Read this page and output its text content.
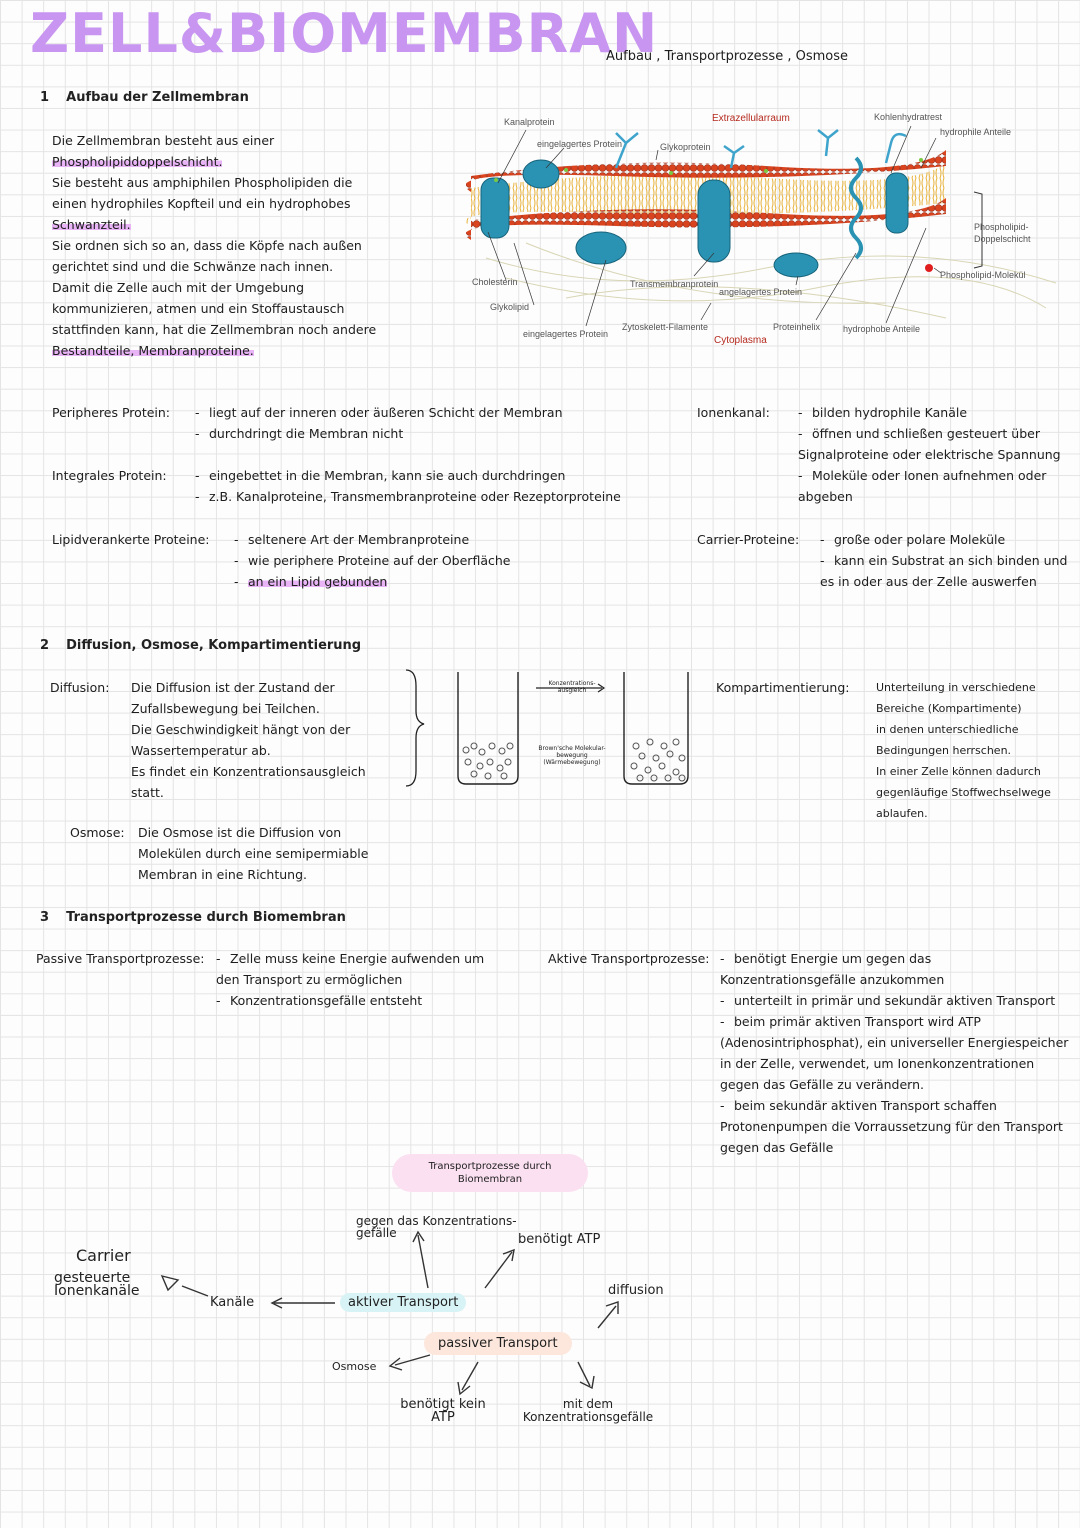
ZELL&BIOMEMBRAN
Aufbau , Transportprozesse , Osmose
1 Aufbau der Zellmembran
Die Zellmembran besteht aus einer
Phospholipiddoppelschicht.
Sie besteht aus amphiphilen Phospholipiden die
einen hydrophiles Kopfteil und ein hydrophobes
Schwanzteil.
Sie ordnen sich so an, dass die Köpfe nach außen
gerichtet sind und die Schwänze nach innen.
Damit die Zelle auch mit der Umgebung
kommunizieren, atmen und ein Stoffaustausch
stattfinden kann, hat die Zellmembran noch andere
Bestandteile, Membranproteine.
Kanalprotein
eingelagertes Protein	Glykoprotein
Extrazellularraum	Kohlenhydratrest
hydrophile Anteile
Phospholipid-
Doppelschicht
Phospholipid-Molekül
Cholesterin
Glykolipid
Transmembranprotein
angelagertes Protein
eingelagertes Protein
Zytoskelett-Filamente	Proteinhelix	hydrophobe Anteile
Cytoplasma
Peripheres Protein: - liegt auf der inneren oder äußeren Schicht der Membran
- durchdringt die Membran nicht
Integrales Protein: - eingebettet in die Membran, kann sie auch durchdringen
- z.B. Kanalproteine, Transmembranproteine oder Rezeptorproteine
Lipidverankerte Proteine: - seltenere Art der Membranproteine
- wie periphere Proteine auf der Oberfläche
- an ein Lipid gebunden
Ionenkanal: - bilden hydrophile Kanäle
- öffnen und schließen gesteuert über Signalproteine oder elektrische Spannung
- Moleküle oder Ionen aufnehmen oder abgeben
Carrier-Proteine: - große oder polare Moleküle
- kann ein Substrat an sich binden und es in oder aus der Zelle auswerfen
2 Diffusion, Osmose, Kompartimentierung
Diffusion: Die Diffusion ist der Zustand der
Zufallsbewegung bei Teilchen.
Die Geschwindigkeit hängt von der
Wassertemperatur ab.
Es findet ein Konzentrationsausgleich
statt.
Konzentrations-ausgleich
Brown'sche Molekular-bewegung (Wärmebewegung)
Osmose: Die Osmose ist die Diffusion von
Molekülen durch eine semipermiable
Membran in eine Richtung.
Kompartimentierung: Unterteilung in verschiedene
Bereiche (Kompartimente)
in denen unterschiedliche
Bedingungen herrschen.
In einer Zelle können dadurch
gegenläufige Stoffwechselwege
ablaufen.
3 Transportprozesse durch Biomembran
Passive Transportprozesse: - Zelle muss keine Energie aufwenden um den Transport zu ermöglichen
- Konzentrationsgefälle entsteht
Aktive Transportprozesse: - benötigt Energie um gegen das Konzentrationsgefälle anzukommen
- unterteilt in primär und sekundär aktiven Transport
- beim primär aktiven Transport wird ATP (Adenosintriphosphat), ein universeller Energiespeicher in der Zelle, verwendet, um Ionenkonzentrationen gegen das Gefälle zu verändern.
- beim sekundär aktiven Transport schaffen Protonenpumpen die Vorraussetzung für den Transport gegen das Gefälle
Transportprozesse durch Biomembran
gegen das Konzentrations-gefälle	benötigt ATP
aktiver Transport
Kanäle
Carrier
gesteuerte Ionenkanäle	diffusion
passiver Transport
Osmose
benötigt kein ATP
mit dem Konzentrationsgefälle
